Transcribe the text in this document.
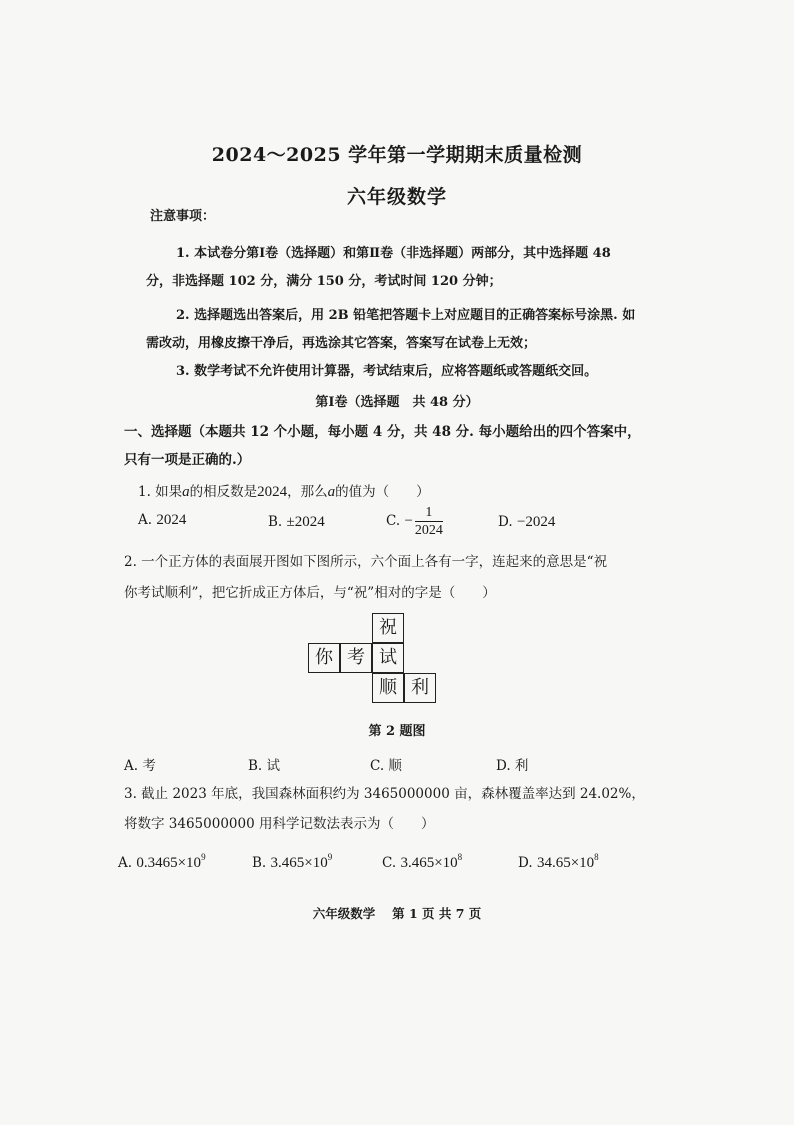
2024～2025 学年第一学期期末质量检测
六年级数学
注意事项：
1. 本试卷分第Ⅰ卷（选择题）和第Ⅱ卷（非选择题）两部分，其中选择题 48
分，非选择题 102 分，满分 150 分，考试时间 120 分钟；
2. 选择题选出答案后，用 2B 铅笔把答题卡上对应题目的正确答案标号涂黑. 如
需改动，用橡皮擦干净后，再选涂其它答案，答案写在试卷上无效；
3. 数学考试不允许使用计算器，考试结束后，应将答题纸或答题纸交回。
第Ⅰ卷（选择题　共 48 分）
一、选择题（本题共 12 个小题，每小题 4 分，共 48 分. 每小题给出的四个答案中，
只有一项是正确的.）
1. 如果a的相反数是2024，那么a的值为（　　）
A. 2024	B. ±2024	C. − $\frac{1}{2024}$	D. −2024
2. 一个正方体的表面展开图如下图所示，六个面上各有一字，连起来的意思是“祝
你考试顺利”，把它折成正方体后，与“祝”相对的字是（　　）
祝
你 考 试
顺 利
第 2 题图
A. 考	B. 试	C. 顺	D. 利
3. 截止 2023 年底，我国森林面积约为 3465000000 亩，森林覆盖率达到 24.02%，
将数字 3465000000 用科学记数法表示为（　　）
A. $0.3465\times 10^9$	B. $3.465\times 10^9$	C. $3.465\times 10^8$	D. $34.65\times 10^8$
六年级数学　 第 1 页 共 7 页
